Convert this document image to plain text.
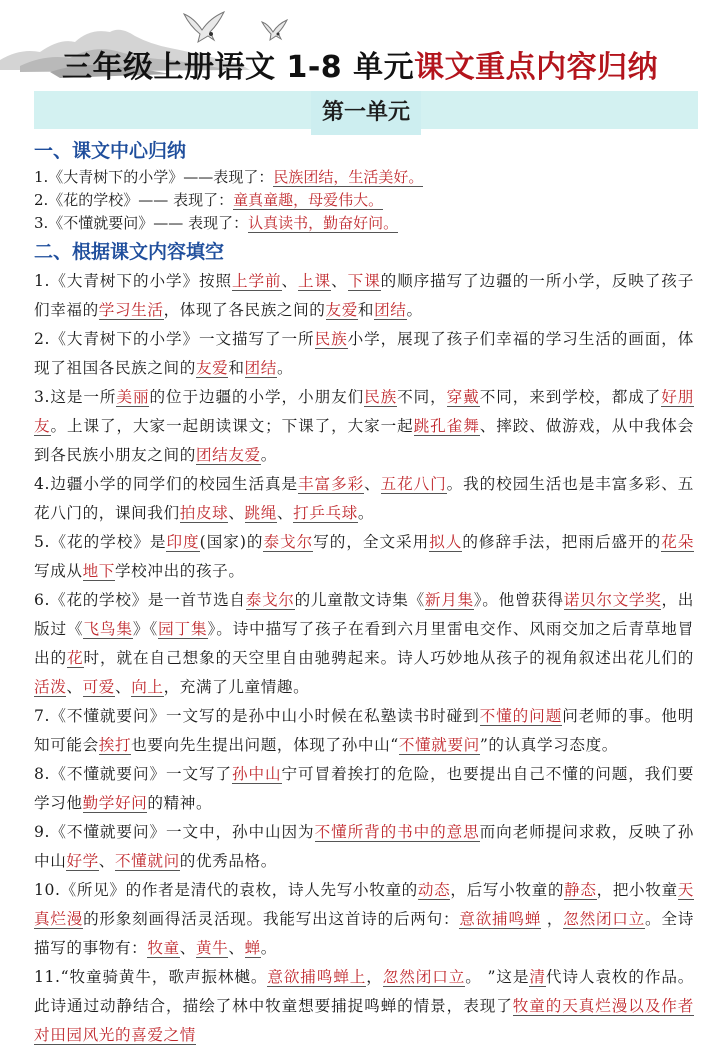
三年级上册语文 1-8 单元课文重点内容归纳
第一单元
一、课文中心归纳
1.《大青树下的小学》——表现了：民族团结，生活美好。
2.《花的学校》—— 表现了：童真童趣，母爱伟大。
3.《不懂就要问》—— 表现了：认真读书，勤奋好问。
二、根据课文内容填空
1.《大青树下的小学》按照上学前、上课、下课的顺序描写了边疆的一所小学，反映了孩子们幸福的学习生活，体现了各民族之间的友爱和团结。
2.《大青树下的小学》一文描写了一所民族小学，展现了孩子们幸福的学习生活的画面，体现了祖国各民族之间的友爱和团结。
3.这是一所美丽的位于边疆的小学，小朋友们民族不同，穿戴不同，来到学校，都成了好朋友。上课了，大家一起朗读课文；下课了，大家一起跳孔雀舞、摔跤、做游戏，从中我体会到各民族小朋友之间的团结友爱。
4.边疆小学的同学们的校园生活真是丰富多彩、五花八门。我的校园生活也是丰富多彩、五花八门的，课间我们拍皮球、跳绳、打乒乓球。
5.《花的学校》是印度(国家)的泰戈尔写的，全文采用拟人的修辞手法，把雨后盛开的花朵写成从地下学校冲出的孩子。
6.《花的学校》是一首节选自泰戈尔的儿童散文诗集《新月集》。他曾获得诺贝尔文学奖，出版过《飞鸟集》《园丁集》。诗中描写了孩子在看到六月里雷电交作、风雨交加之后青草地冒出的花时，就在自己想象的天空里自由驰骋起来。诗人巧妙地从孩子的视角叙述出花儿们的活泼、可爱、向上，充满了儿童情趣。
7.《不懂就要问》一文写的是孙中山小时候在私塾读书时碰到不懂的问题问老师的事。他明知可能会挨打也要向先生提出问题，体现了孙中山“不懂就要问”的认真学习态度。
8.《不懂就要问》一文写了孙中山宁可冒着挨打的危险，也要提出自己不懂的问题，我们要学习他勤学好问的精神。
9.《不懂就要问》一文中，孙中山因为不懂所背的书中的意思而向老师提问求救，反映了孙中山好学、不懂就问的优秀品格。
10.《所见》的作者是清代的袁枚，诗人先写小牧童的动态，后写小牧童的静态，把小牧童天真烂漫的形象刻画得活灵活现。我能写出这首诗的后两句：意欲捕鸣蝉 ，忽然闭口立。全诗描写的事物有：牧童、黄牛、蝉。
11.“牧童骑黄牛，歌声振林樾。意欲捕鸣蝉上，忽然闭口立。 ”这是清代诗人袁枚的作品。此诗通过动静结合，描绘了林中牧童想要捕捉鸣蝉的情景，表现了牧童的天真烂漫以及作者对田园风光的喜爱之情
